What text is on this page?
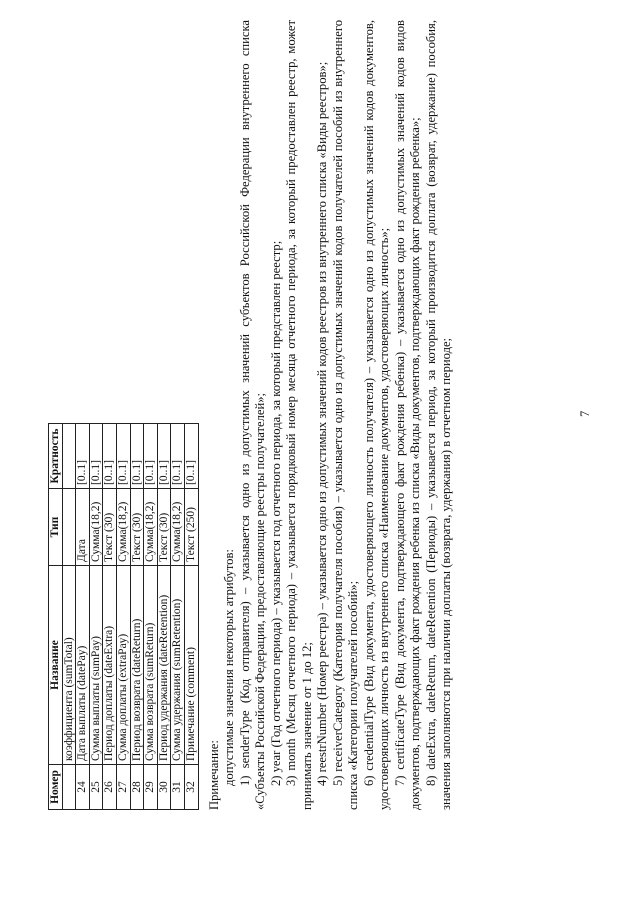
Номер	Название	Тип	Кратность
	коэффициента (sumTotal)		
24	Дата выплаты (datePay)	Дата	[0..1]
25	Сумма выплаты (sumPay)	Сумма(18,2)	[0..1]
26	Период доплаты (dateExtra)	Текст (30)	[0..1]
27	Сумма доплаты (extraPay)	Сумма(18,2)	[0..1]
28	Период возврата (dateReturn)	Текст (30)	[0..1]
29	Сумма возврата (sumReturn)	Сумма(18,2)	[0..1]
30	Период удержания (dateRetention)	Текст (30)	[0..1]
31	Сумма удержания (sumRetention)	Сумма(18,2)	[0..1]
32	Примечание (comment)	Текст (250)	[0..1]

Примечание: допустимые значения некоторых атрибутов: 1) senderType (Код отправителя) – указывается одно из допустимых значений субъектов Российской Федерации внутреннего списка «Субъекты Российской Федерации, предоставляющие реестры получателей»; 2) year (Год отчетного периода) – указывается год отчетного периода, за который представлен реестр; 3) month (Месяц отчетного периода) – указывается порядковый номер месяца отчетного периода, за который предоставлен реестр, может принимать значение от 1 до 12; 4) reestrNumber (Номер реестра) – указывается одно из допустимых значений кодов реестров из внутреннего списка «Виды реестров»; 5) receiverCategory (Категория получателя пособия) – указывается одно из допустимых значений кодов получателей пособий из внутреннего списка «Категории получателей пособий»; 6) credentialType (Вид документа, удостоверяющего личность получателя) – указывается одно из допустимых значений кодов документов, удостоверяющих личность из внутреннего списка «Наименование документов, удостоверяющих личность»; 7) certificateType (Вид документа, подтверждающего факт рождения ребенка) – указывается одно из допустимых значений кодов видов документов, подтверждающих факт рождения ребенка из списка «Виды документов, подтверждающих факт рождения ребенка»; 8) dateExtra, dateReturn, dateRetention (Периоды) – указывается период, за который производится доплата (возврат, удержание) пособия, значения заполняются при наличии доплаты (возврата, удержания) в отчетном периоде;	7
